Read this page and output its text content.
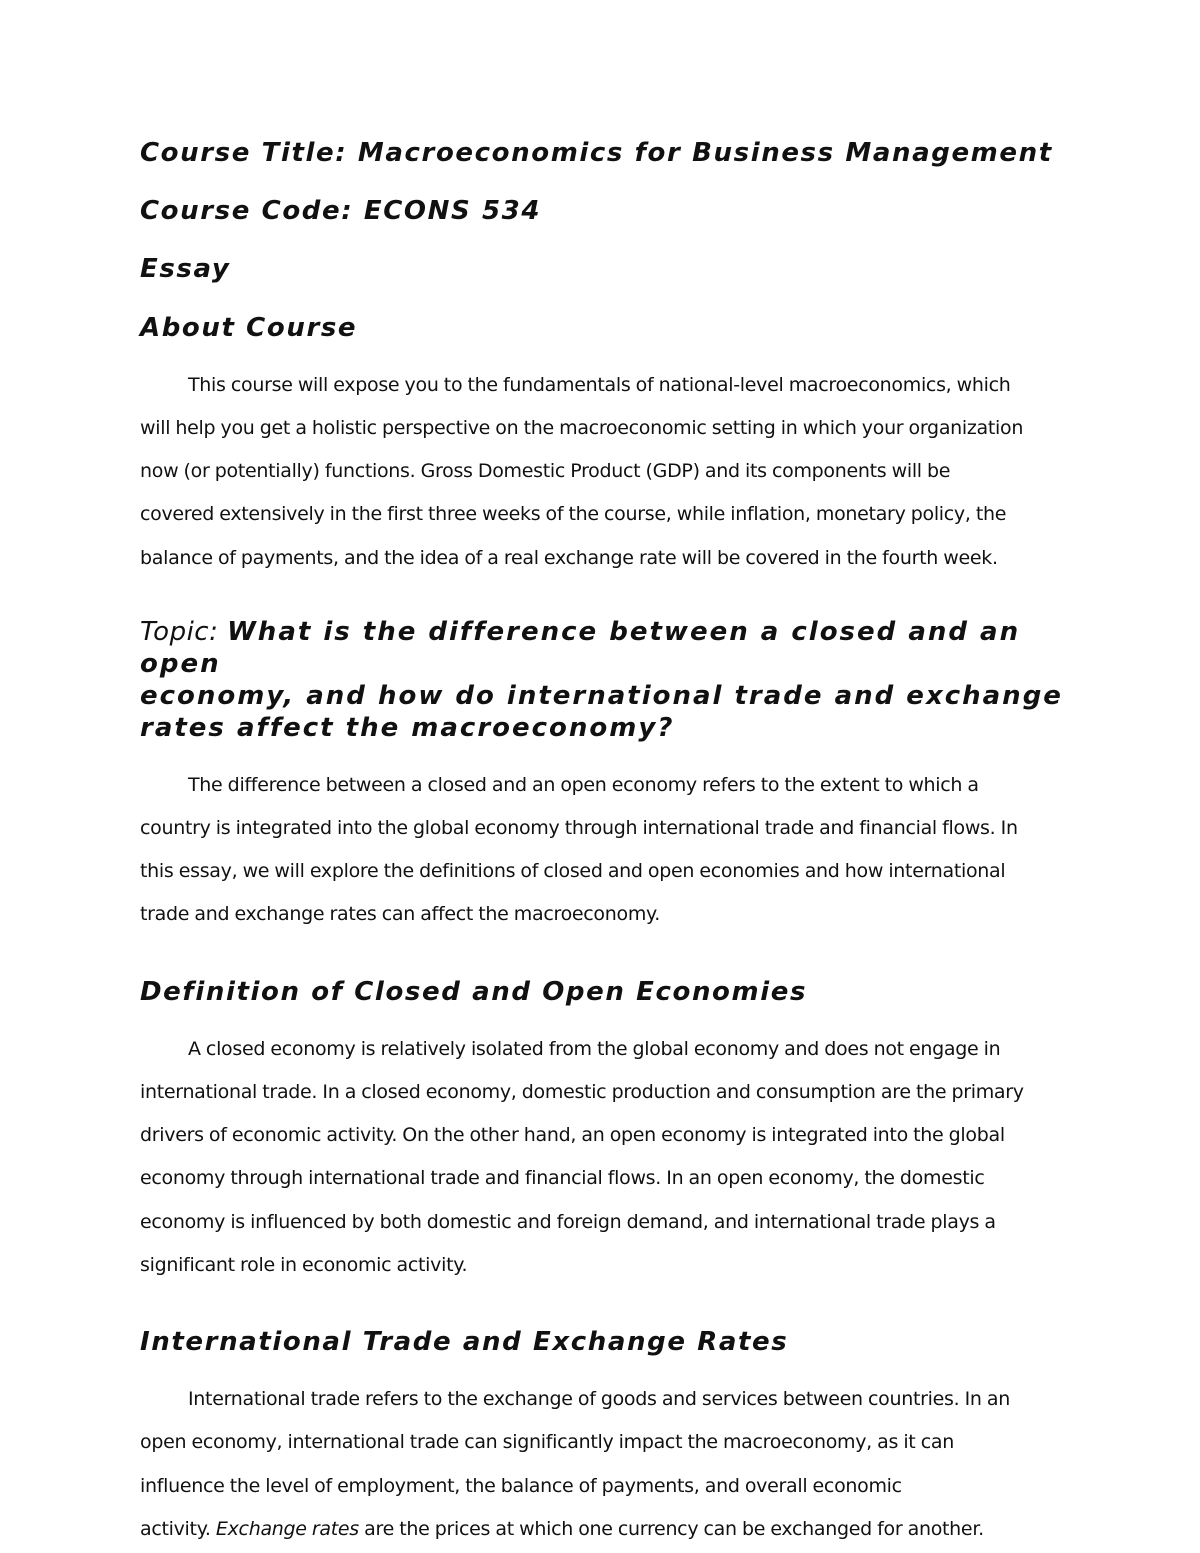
Course Title: Macroeconomics for Business Management
Course Code: ECONS 534
Essay
About Course

This course will expose you to the fundamentals of national-level macroeconomics, which
will help you get a holistic perspective on the macroeconomic setting in which your organization
now (or potentially) functions. Gross Domestic Product (GDP) and its components will be
covered extensively in the first three weeks of the course, while inflation, monetary policy, the
balance of payments, and the idea of a real exchange rate will be covered in the fourth week.

Topic: What is the difference between a closed and an open
economy, and how do international trade and exchange
rates affect the macroeconomy?

The difference between a closed and an open economy refers to the extent to which a
country is integrated into the global economy through international trade and financial flows. In
this essay, we will explore the definitions of closed and open economies and how international
trade and exchange rates can affect the macroeconomy.

Definition of Closed and Open Economies

A closed economy is relatively isolated from the global economy and does not engage in
international trade. In a closed economy, domestic production and consumption are the primary
drivers of economic activity. On the other hand, an open economy is integrated into the global
economy through international trade and financial flows. In an open economy, the domestic
economy is influenced by both domestic and foreign demand, and international trade plays a
significant role in economic activity.

International Trade and Exchange Rates

International trade refers to the exchange of goods and services between countries. In an
open economy, international trade can significantly impact the macroeconomy, as it can
influence the level of employment, the balance of payments, and overall economic
activity. Exchange rates are the prices at which one currency can be exchanged for another.
